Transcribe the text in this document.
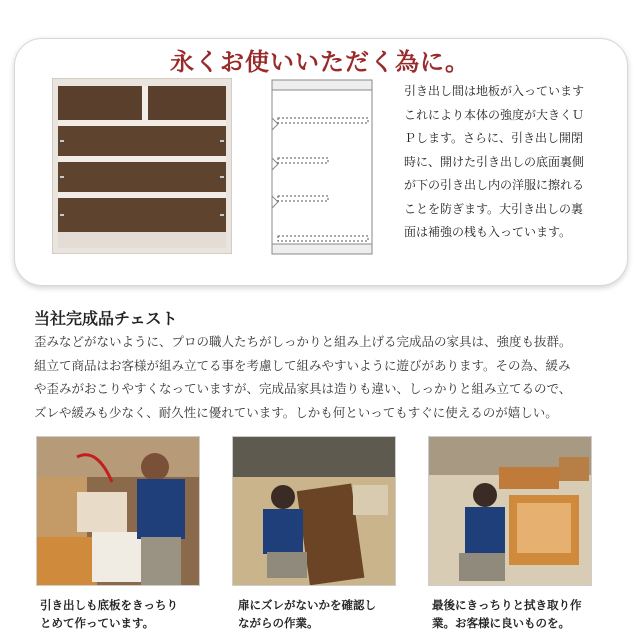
永くお使いいただく為に。

引き出し間は地板が入っています

これにより本体の強度が大きくＵ

Ｐします。さらに、引き出し開閉

時に、開けた引き出しの底面裏側

が下の引き出し内の洋服に擦れる

ことを防ぎます。大引き出しの裏

面は補強の桟も入っています。

当社完成品チェスト

歪みなどがないように、プロの職人たちがしっかりと組み上げる完成品の家具は、強度も抜群。

組立て商品はお客様が組み立てる事を考慮して組みやすいように遊びがあります。その為、緩み

や歪みがおこりやすくなっていますが、完成品家具は造りも違い、しっかりと組み立てるので、

ズレや緩みも少なく、耐久性に優れています。しかも何といってもすぐに使えるのが嬉しい。

引き出しも底板をきっちり

とめて作っています。

扉にズレがないかを確認し

ながらの作業。

最後にきっちりと拭き取り作

業。お客様に良いものを。
